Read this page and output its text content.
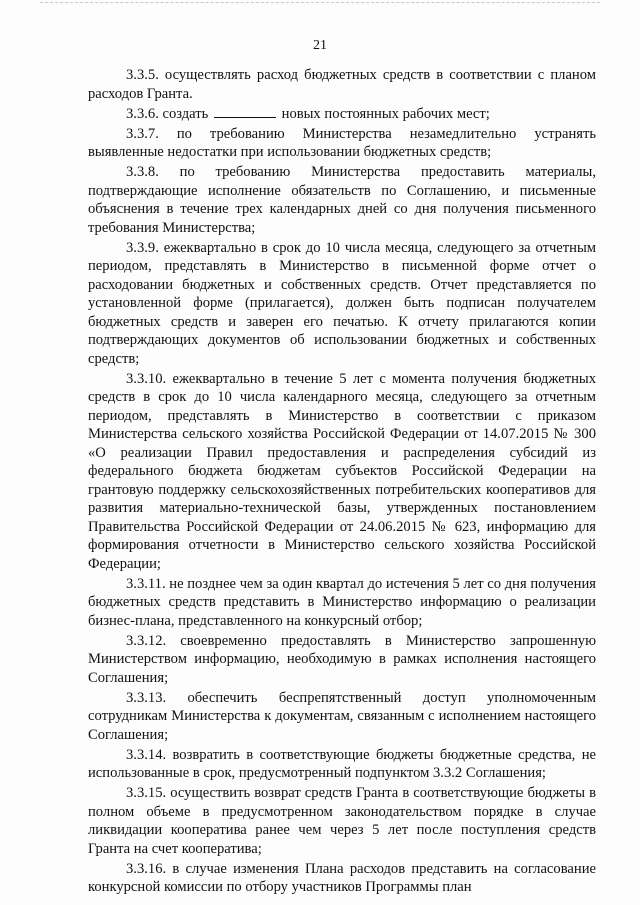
21

3.3.5. осуществлять расход бюджетных средств в соответствии с планом расходов Гранта.

3.3.6. создать	новых постоянных рабочих мест;

3.3.7. по требованию Министерства незамедлительно устранять выявленные недостатки при использовании бюджетных средств;

3.3.8. по требованию Министерства предоставить материалы, подтверждающие исполнение обязательств по Соглашению, и письменные объяснения в течение трех календарных дней со дня получения письменного требования Министерства;

3.3.9. ежеквартально в срок до 10 числа месяца, следующего за отчетным периодом, представлять в Министерство в письменной форме отчет о расходовании бюджетных и собственных средств. Отчет представляется по установленной форме (прилагается), должен быть подписан получателем бюджетных средств и заверен его печатью. К отчету прилагаются копии подтверждающих документов об использовании бюджетных и собственных средств;

3.3.10. ежеквартально в течение 5 лет с момента получения бюджетных средств в срок до 10 числа календарного месяца, следующего за отчетным периодом, представлять в Министерство в соответствии с приказом Министерства сельского хозяйства Российской Федерации от 14.07.2015 № 300 «О реализации Правил предоставления и распределения субсидий из федерального бюджета бюджетам субъектов Российской Федерации на грантовую поддержку сельскохозяйственных потребительских кооперативов для развития материально-технической базы, утвержденных постановлением Правительства Российской Федерации от 24.06.2015 № 623, информацию для формирования отчетности в Министерство сельского хозяйства Российской Федерации;

3.3.11. не позднее чем за один квартал до истечения 5 лет со дня получения бюджетных средств представить в Министерство информацию о реализации бизнес-плана, представленного на конкурсный отбор;

3.3.12. своевременно предоставлять в Министерство запрошенную Министерством информацию, необходимую в рамках исполнения настоящего Соглашения;

3.3.13. обеспечить беспрепятственный доступ уполномоченным сотрудникам Министерства к документам, связанным с исполнением настоящего Соглашения;

3.3.14. возвратить в соответствующие бюджеты бюджетные средства, не использованные в срок, предусмотренный подпунктом 3.3.2 Соглашения;

3.3.15. осуществить возврат средств Гранта в соответствующие бюджеты в полном объеме в предусмотренном законодательством порядке в случае ликвидации кооператива ранее чем через 5 лет после поступления средств Гранта на счет кооператива;

3.3.16. в случае изменения Плана расходов представить на согласование конкурсной комиссии по отбору участников Программы план
